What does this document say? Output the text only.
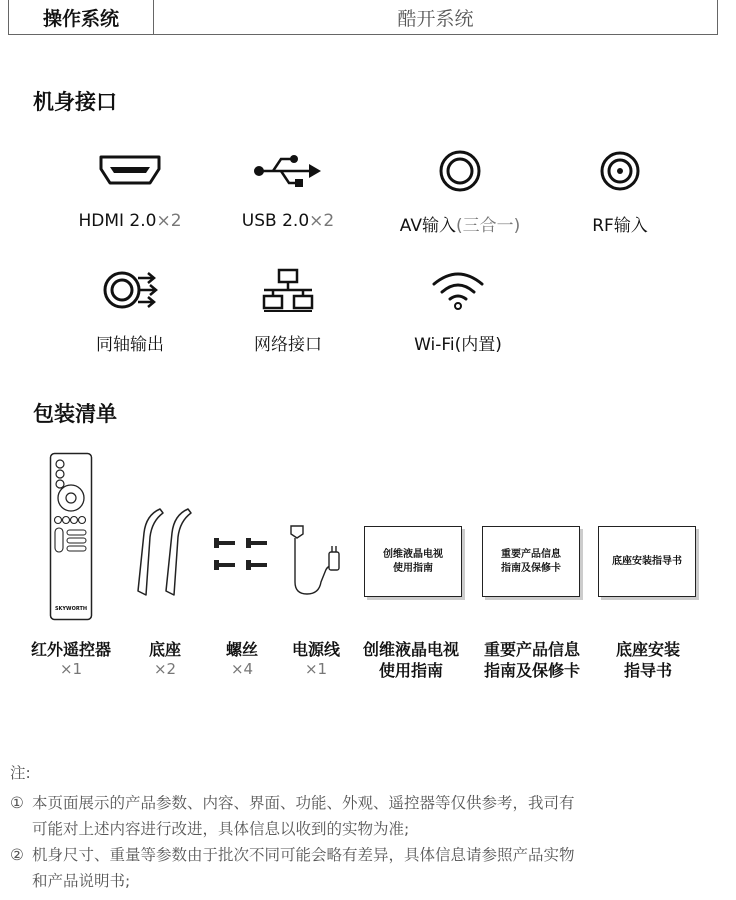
操作系统	酷开系统
机身接口
HDMI 2.0×2	USB 2.0×2	AV输入(三合一)	RF输入
同轴输出	网络接口	Wi-Fi(内置)
包装清单
SKYWORTH
创维液晶电视
使用指南
重要产品信息
指南及保修卡
底座安装指导书
红外遥控器
×1
底座
×2
螺丝
×4
电源线
×1
创维液晶电视
使用指南
重要产品信息
指南及保修卡
底座安装
指导书
注:
① 本页面展示的产品参数、内容、界面、功能、外观、遥控器等仅供参考，我司有
可能对上述内容进行改进，具体信息以收到的实物为准;
② 机身尺寸、重量等参数由于批次不同可能会略有差异，具体信息请参照产品实物
和产品说明书;
